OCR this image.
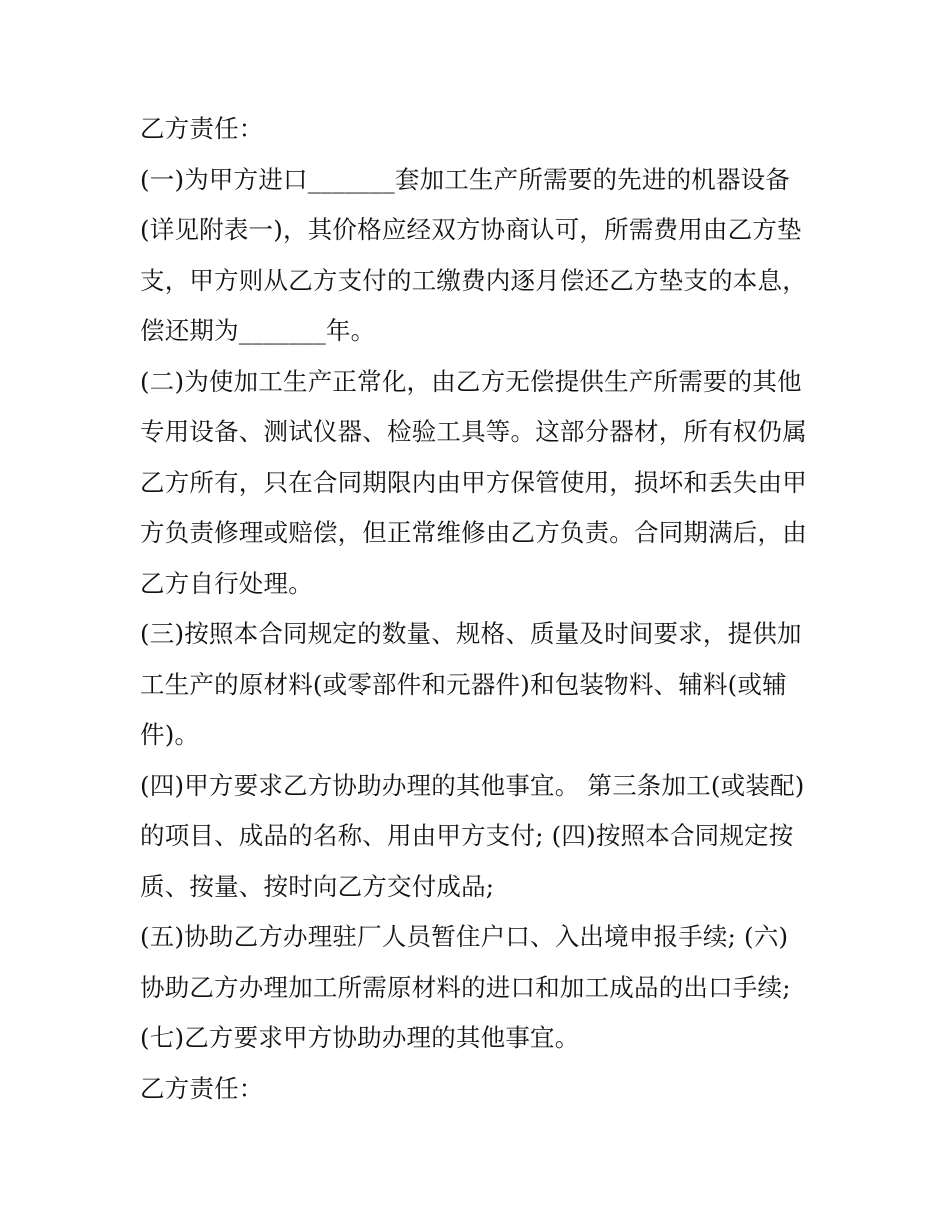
乙方责任：
(一)为甲方进口_______套加工生产所需要的先进的机器设备
(详见附表一)，其价格应经双方协商认可，所需费用由乙方垫
支，甲方则从乙方支付的工缴费内逐月偿还乙方垫支的本息，
偿还期为_______年。
(二)为使加工生产正常化，由乙方无偿提供生产所需要的其他
专用设备、测试仪器、检验工具等。这部分器材，所有权仍属
乙方所有，只在合同期限内由甲方保管使用，损坏和丢失由甲
方负责修理或赔偿，但正常维修由乙方负责。合同期满后，由
乙方自行处理。
(三)按照本合同规定的数量、规格、质量及时间要求，提供加
工生产的原材料(或零部件和元器件)和包装物料、辅料(或辅
件)。
(四)甲方要求乙方协助办理的其他事宜。 第三条加工(或装配)
的项目、成品的名称、用由甲方支付; (四)按照本合同规定按
质、按量、按时向乙方交付成品;
(五)协助乙方办理驻厂人员暂住户口、入出境申报手续; (六)
协助乙方办理加工所需原材料的进口和加工成品的出口手续;
(七)乙方要求甲方协助办理的其他事宜。
乙方责任：
